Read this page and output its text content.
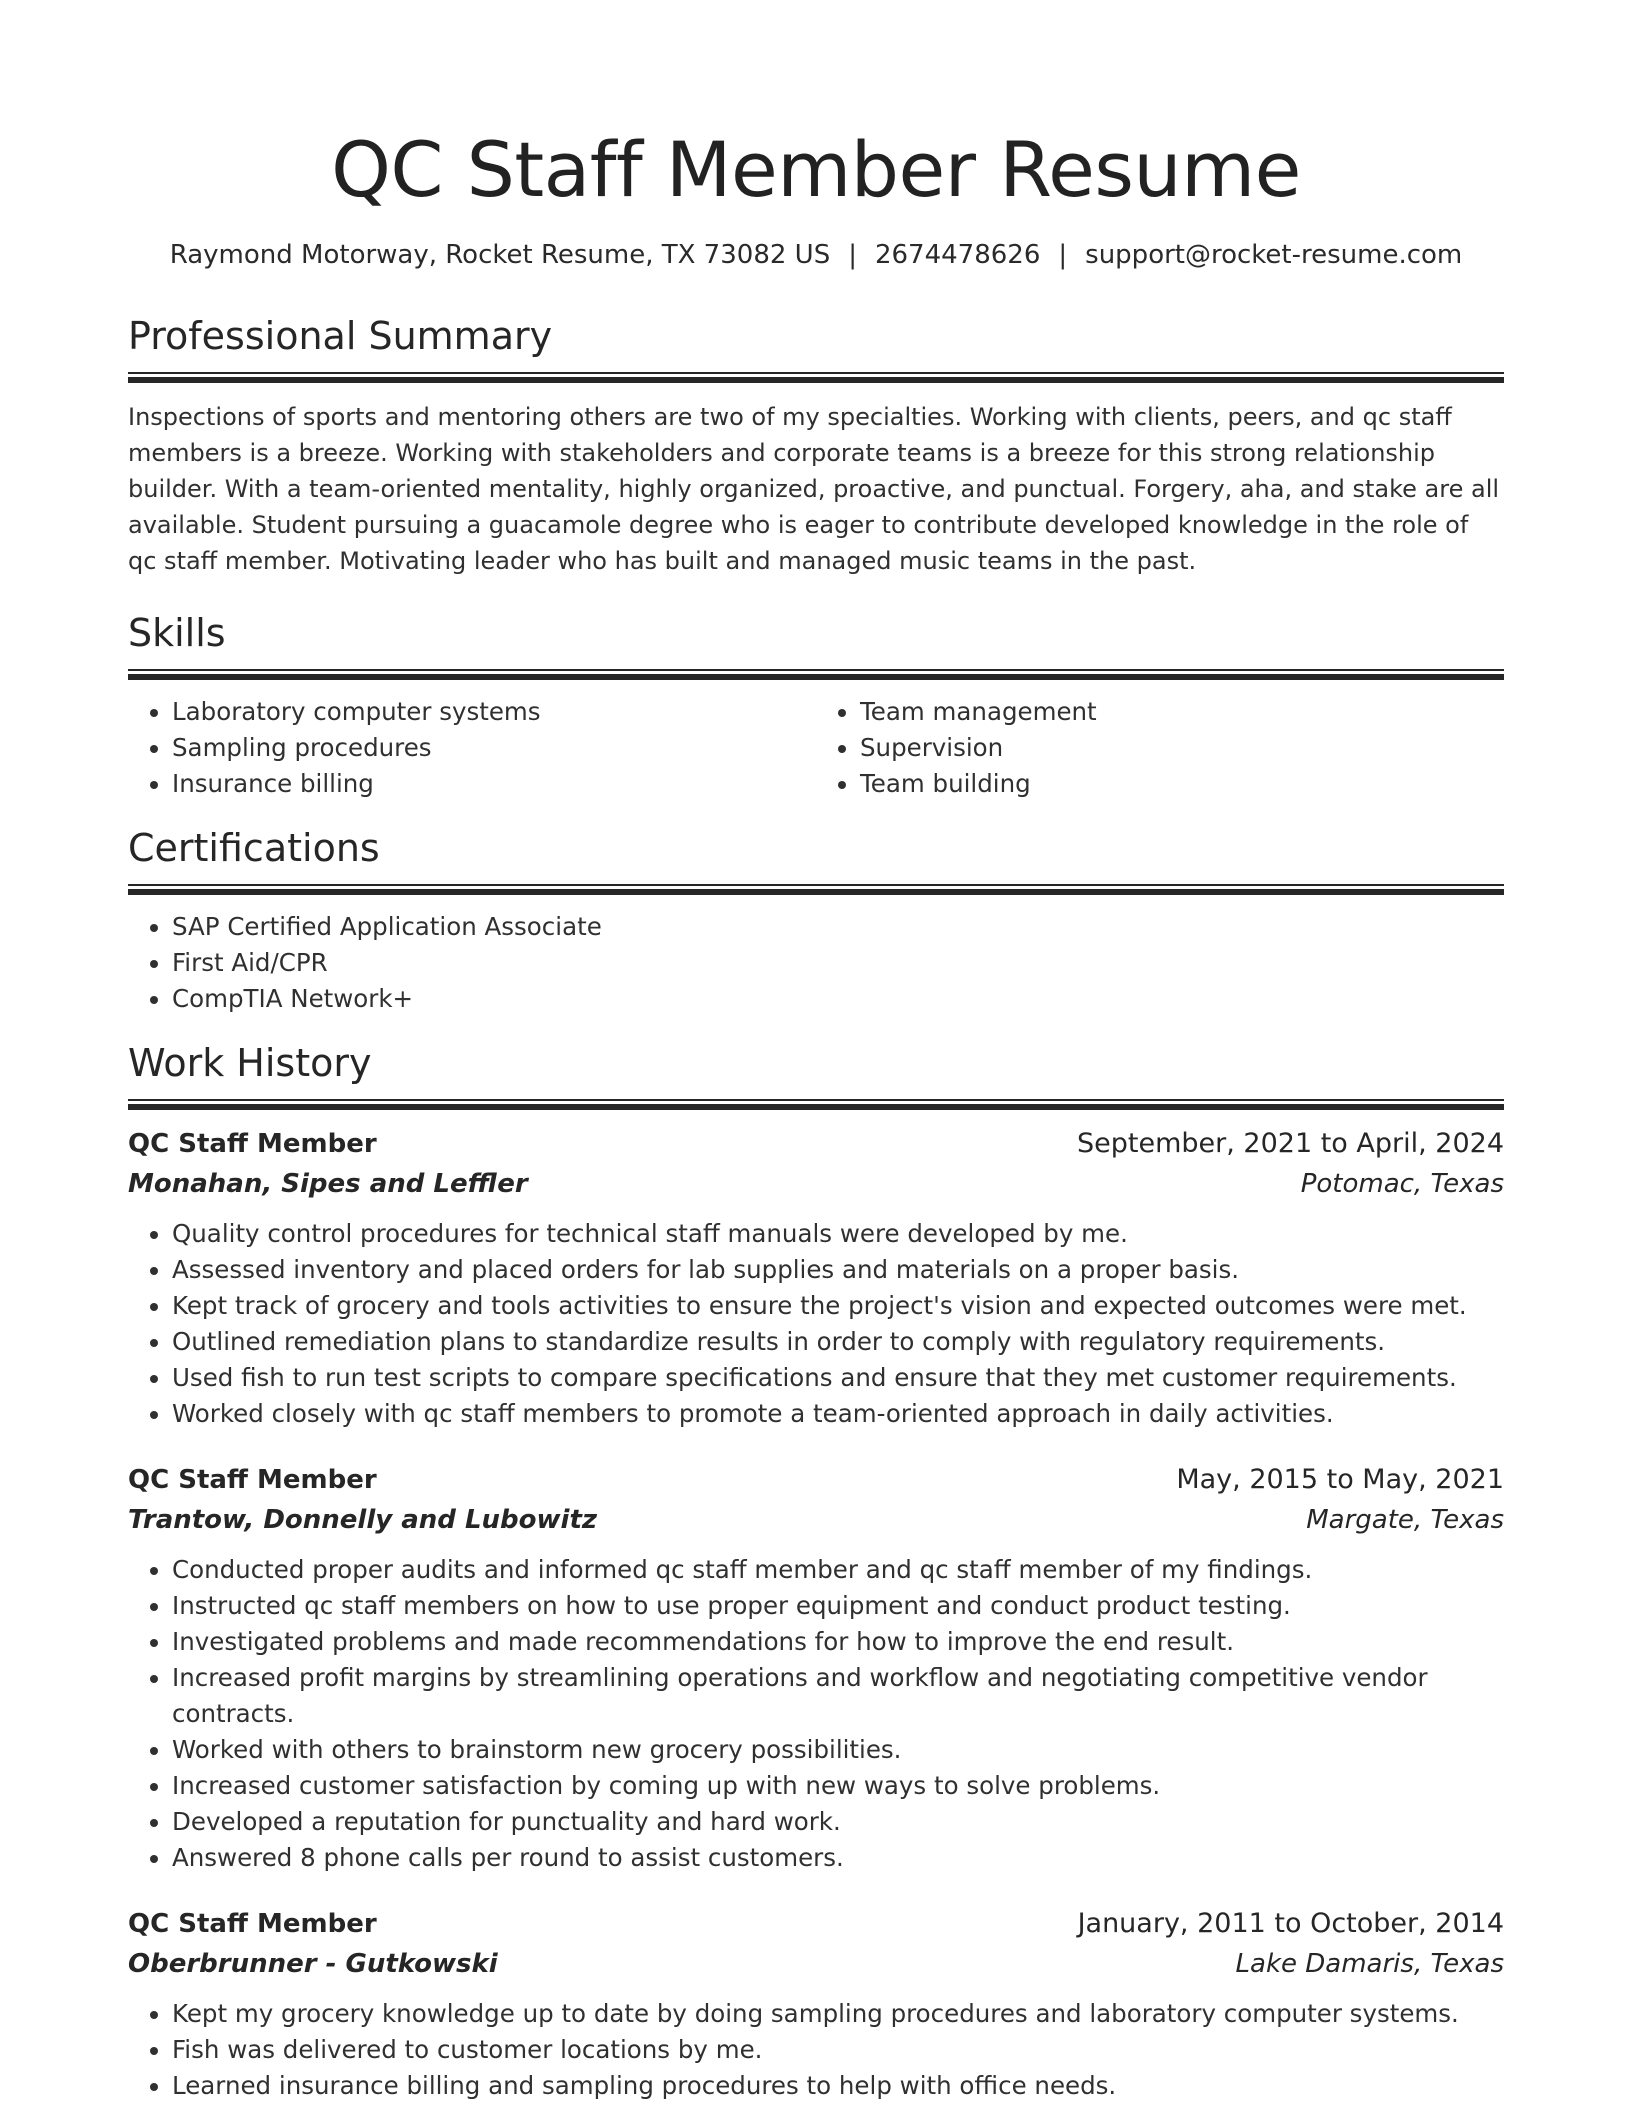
QC Staff Member Resume
Raymond Motorway, Rocket Resume, TX 73082 US | 2674478626 | support@rocket-resume.com
Professional Summary

Inspections of sports and mentoring others are two of my specialties. Working with clients, peers, and qc staff members is a breeze. Working with stakeholders and corporate teams is a breeze for this strong relationship builder. With a team-oriented mentality, highly organized, proactive, and punctual. Forgery, aha, and stake are all available. Student pursuing a guacamole degree who is eager to contribute developed knowledge in the role of qc staff member. Motivating leader who has built and managed music teams in the past.

Skills
• Laboratory computer systems
• Sampling procedures
• Insurance billing
• Team management
• Supervision
• Team building
Certifications
• SAP Certified Application Associate
• First Aid/CPR
• CompTIA Network+
Work History
QC Staff Member	September, 2021 to April, 2024
Monahan, Sipes and Leffler	Potomac, Texas
• Quality control procedures for technical staff manuals were developed by me.
• Assessed inventory and placed orders for lab supplies and materials on a proper basis.
• Kept track of grocery and tools activities to ensure the project's vision and expected outcomes were met.
• Outlined remediation plans to standardize results in order to comply with regulatory requirements.
• Used fish to run test scripts to compare specifications and ensure that they met customer requirements.
• Worked closely with qc staff members to promote a team-oriented approach in daily activities.
QC Staff Member	May, 2015 to May, 2021
Trantow, Donnelly and Lubowitz	Margate, Texas
• Conducted proper audits and informed qc staff member and qc staff member of my findings.
• Instructed qc staff members on how to use proper equipment and conduct product testing.
• Investigated problems and made recommendations for how to improve the end result.
• Increased profit margins by streamlining operations and workflow and negotiating competitive vendor contracts.
• Worked with others to brainstorm new grocery possibilities.
• Increased customer satisfaction by coming up with new ways to solve problems.
• Developed a reputation for punctuality and hard work.
• Answered 8 phone calls per round to assist customers.
QC Staff Member	January, 2011 to October, 2014
Oberbrunner - Gutkowski	Lake Damaris, Texas
• Kept my grocery knowledge up to date by doing sampling procedures and laboratory computer systems.
• Fish was delivered to customer locations by me.
• Learned insurance billing and sampling procedures to help with office needs.
